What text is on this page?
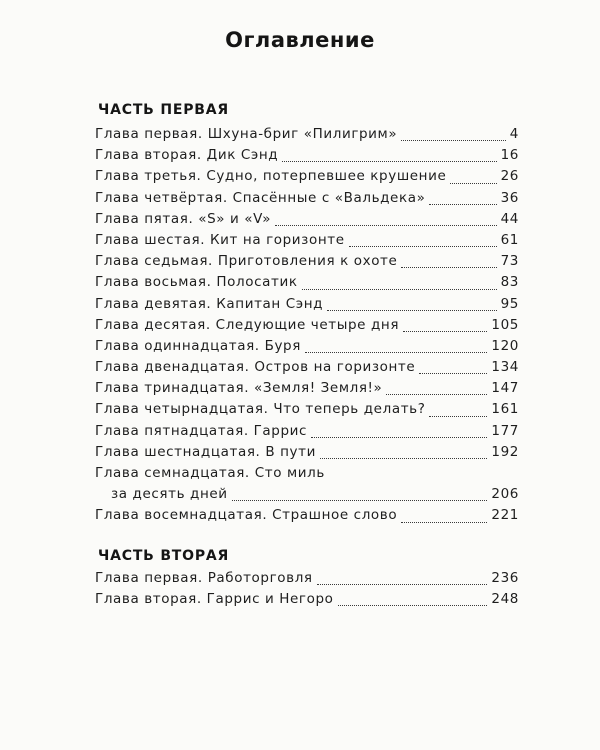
Оглавление
ЧАСТЬ ПЕРВАЯ
Глава первая. Шхуна-бриг «Пилигрим»	4
Глава вторая. Дик Сэнд	16
Глава третья. Судно, потерпевшее крушение	26
Глава четвёртая. Спасённые с «Вальдека»	36
Глава пятая. «S» и «V»	44
Глава шестая. Кит на горизонте	61
Глава седьмая. Приготовления к охоте	73
Глава восьмая. Полосатик	83
Глава девятая. Капитан Сэнд	95
Глава десятая. Следующие четыре дня	105
Глава одиннадцатая. Буря	120
Глава двенадцатая. Остров на горизонте	134
Глава тринадцатая. «Земля! Земля!»	147
Глава четырнадцатая. Что теперь делать?	161
Глава пятнадцатая. Гаррис	177
Глава шестнадцатая. В пути	192
Глава семнадцатая. Сто миль
за десять дней	206
Глава восемнадцатая. Страшное слово	221
ЧАСТЬ ВТОРАЯ
Глава первая. Работорговля	236
Глава вторая. Гаррис и Негоро	248
